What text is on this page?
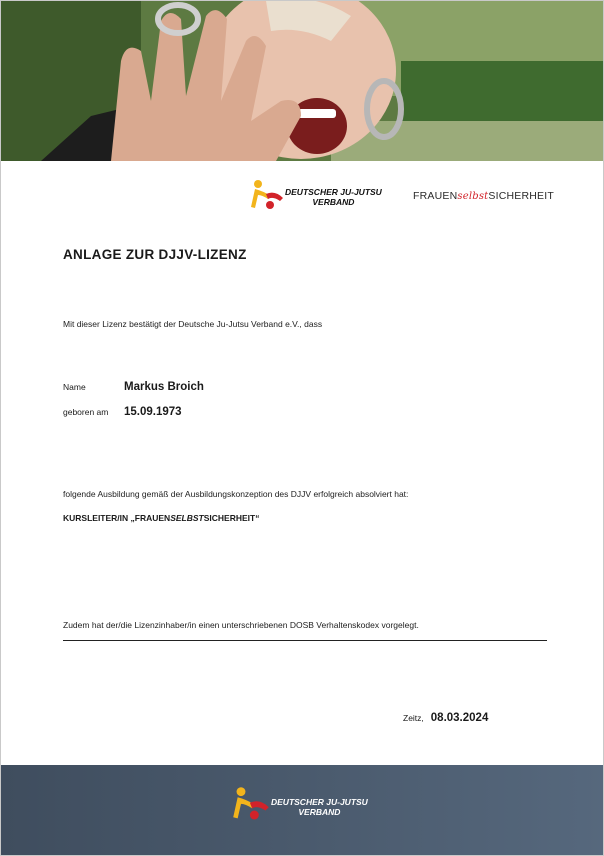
DEUTSCHER JU-JUTSU
VERBAND	FRAUENselbstSICHERHEIT
ANLAGE ZUR DJJV-LIZENZ
Mit dieser Lizenz bestätigt der Deutsche Ju-Jutsu Verband e.V., dass
Name	Markus Broich
geboren am 15.09.1973
folgende Ausbildung gemäß der Ausbildungskonzeption des DJJV erfolgreich absolviert hat:
KURSLEITER/IN „FRAUENSELBSTSICHERHEIT“
Zudem hat der/die Lizenzinhaber/in einen unterschriebenen DOSB Verhaltenskodex vorgelegt.
Zeitz, 08.03.2024
DEUTSCHER JU-JUTSU
VERBAND
